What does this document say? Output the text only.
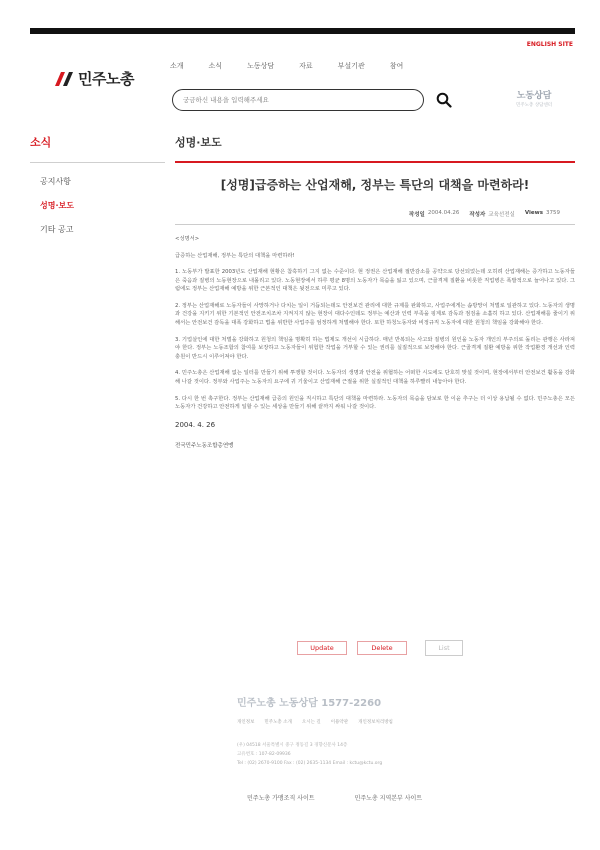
ENGLISH SITE
민주노총
소개	소식	노동상담	자료	부설기관	참여
궁금하신 내용을 입력해주세요
노동상담
민주노총 상담센터
소식
공지사항
성명·보도
기타 공고
성명·보도
[성명]급증하는 산업재해, 정부는 특단의 대책을 마련하라!
작성일 2004.04.26 작성자 교육선전실 Views 3759

<성명서>

급증하는 산업재해, 정부는 특단의 대책을 마련하라!

1. 노동부가 발표한 2003년도 산업재해 현황은 참혹하기 그지 없는 수준이다. 현 정권은 산업재해 절반감소를 공약으로 당선되었는데 오히려 산업재해는 증가하고 노동자들은 죽음과 질병의 노동현장으로 내몰리고 있다. 노동현장에서 하루 평균 8명의 노동자가 목숨을 잃고 있으며, 근골격계 질환을 비롯한 직업병은 폭발적으로 늘어나고 있다. 그럼에도 정부는 산업재해 예방을 위한 근본적인 대책은 뒷전으로 미루고 있다.

2. 정부는 산업재해로 노동자들이 사망하거나 다치는 일이 거듭되는데도 안전보건 관리에 대한 규제를 완화하고, 사업주에게는 솜방망이 처벌로 일관하고 있다. 노동자의 생명과 건강을 지키기 위한 기본적인 안전조치조차 지켜지지 않는 현장이 대다수인데도 정부는 예산과 인력 부족을 핑계로 감독과 점검을 소홀히 하고 있다. 산업재해를 줄이기 위해서는 안전보건 감독을 대폭 강화하고 법을 위반한 사업주를 엄정하게 처벌해야 한다. 또한 하청노동자와 비정규직 노동자에 대한 원청의 책임을 강화해야 한다.

3. 기업살인에 대한 처벌을 강화하고 원청의 책임을 명확히 하는 법제도 개선이 시급하다. 매년 반복되는 사고와 질병의 원인을 노동자 개인의 부주의로 돌리는 관행은 사라져야 한다. 정부는 노동조합의 참여를 보장하고 노동자들이 위험한 작업을 거부할 수 있는 권리를 실질적으로 보장해야 한다. 근골격계 질환 예방을 위한 작업환경 개선과 인력 충원이 반드시 이루어져야 한다.

4. 민주노총은 산업재해 없는 일터를 만들기 위해 투쟁할 것이다. 노동자의 생명과 안전을 위협하는 어떠한 시도에도 단호히 맞설 것이며, 현장에서부터 안전보건 활동을 강화해 나갈 것이다. 정부와 사업주는 노동자의 요구에 귀 기울이고 산업재해 근절을 위한 실질적인 대책을 하루빨리 내놓아야 한다.

5. 다시 한 번 촉구한다. 정부는 산업재해 급증의 원인을 직시하고 특단의 대책을 마련하라. 노동자의 목숨을 담보로 한 이윤 추구는 더 이상 용납될 수 없다. 민주노총은 모든 노동자가 건강하고 안전하게 일할 수 있는 세상을 만들기 위해 끝까지 싸워 나갈 것이다.

2004. 4. 26
전국민주노동조합총연맹
Update	Delete	List
민주노총 노동상담 1577-2260
개인정보 민주노총 소개 오시는 길 이용약관 개인정보처리방침
(우) 04518 서울특별시 중구 정동길 3 경향신문사 14층
고유번호 : 107-82-09936
Tel : (02) 2670-9100 Fax : (02) 2635-1134 Email : kctu@kctu.org
민주노총 가맹조직 사이트	민주노총 지역본부 사이트
